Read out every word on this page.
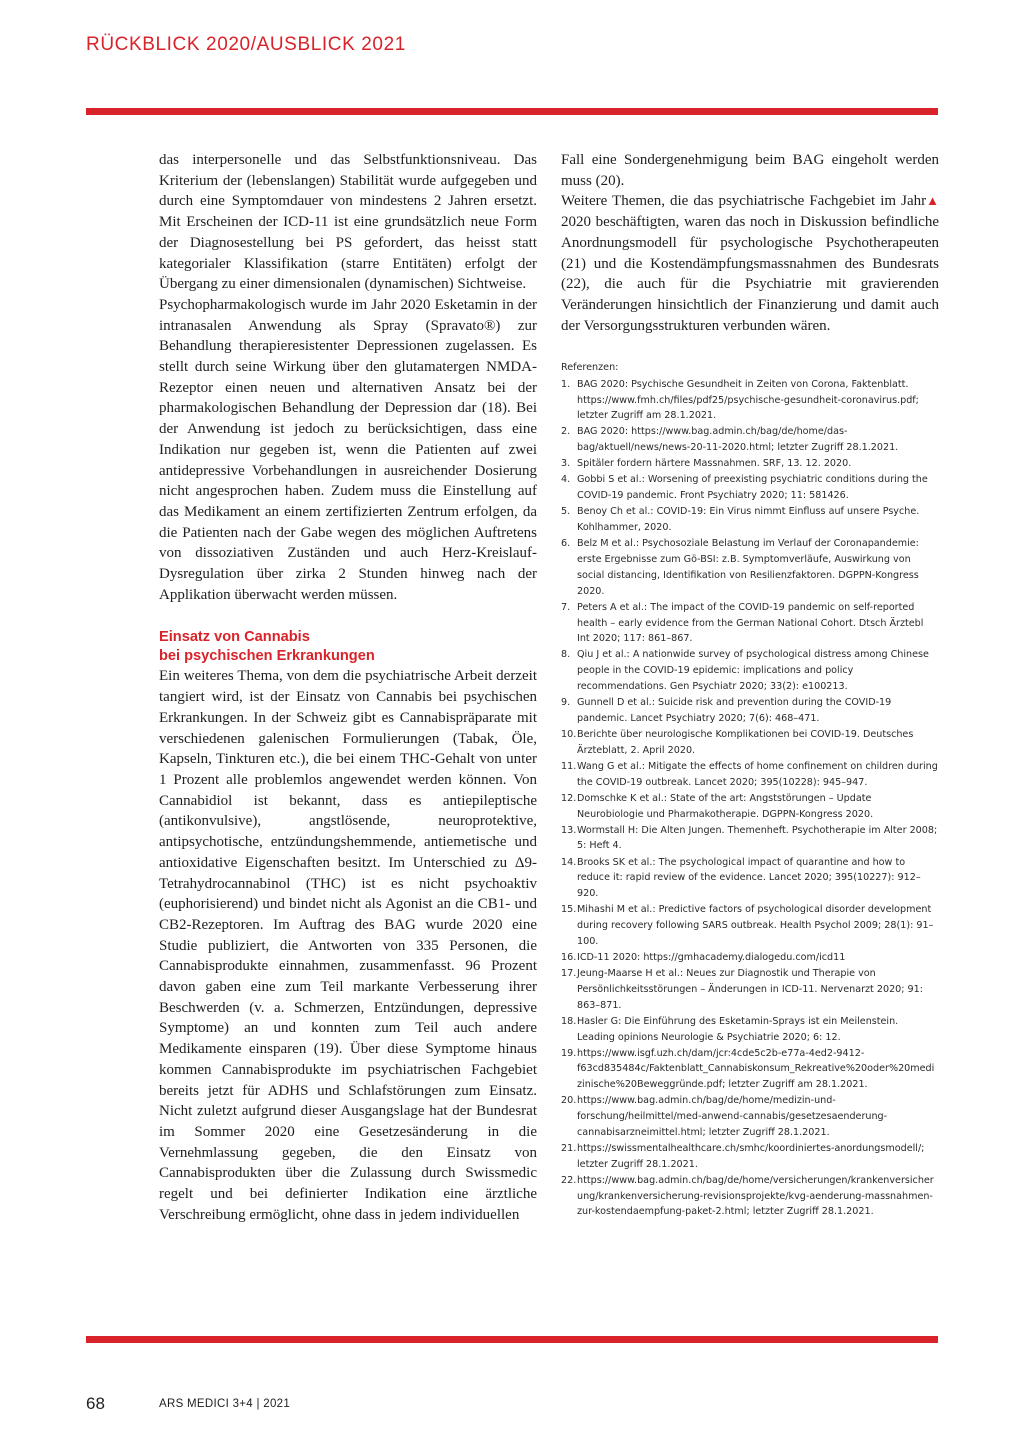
RÜCKBLICK 2020/AUSBLICK 2021

das interpersonelle und das Selbstfunktionsniveau. Das Kriterium der (lebenslangen) Stabilität wurde aufgegeben und durch eine Symptomdauer von mindestens 2 Jahren ersetzt. Mit Erscheinen der ICD-11 ist eine grundsätzlich neue Form der Diagnosestellung bei PS gefordert, das heisst statt kategorialer Klassifikation (starre Entitäten) erfolgt der Übergang zu einer dimensionalen (dynamischen) Sichtweise.

Psychopharmakologisch wurde im Jahr 2020 Esketamin in der intranasalen Anwendung als Spray (Spravato®) zur Behandlung therapieresistenter Depressionen zugelassen. Es stellt durch seine Wirkung über den glutamatergen NMDA-Rezeptor einen neuen und alternativen Ansatz bei der pharmakologischen Behandlung der Depression dar (18). Bei der Anwendung ist jedoch zu berücksichtigen, dass eine Indikation nur gegeben ist, wenn die Patienten auf zwei antidepressive Vorbehandlungen in ausreichender Dosierung nicht angesprochen haben. Zudem muss die Einstellung auf das Medikament an einem zertifizierten Zentrum erfolgen, da die Patienten nach der Gabe wegen des möglichen Auftretens von dissoziativen Zuständen und auch Herz-Kreislauf-Dysregulation über zirka 2 Stunden hinweg nach der Applikation überwacht werden müssen.

Einsatz von Cannabis
bei psychischen Erkrankungen

Ein weiteres Thema, von dem die psychiatrische Arbeit derzeit tangiert wird, ist der Einsatz von Cannabis bei psychischen Erkrankungen. In der Schweiz gibt es Cannabispräparate mit verschiedenen galenischen Formulierungen (Tabak, Öle, Kapseln, Tinkturen etc.), die bei einem THC-Gehalt von unter 1 Prozent alle problemlos angewendet werden können. Von Cannabidiol ist bekannt, dass es antiepileptische (antikonvulsive), angstlösende, neuroprotektive, antipsychotische, entzündungshemmende, antiemetische und antioxidative Eigenschaften besitzt. Im Unterschied zu Δ9-Tetrahydrocannabinol (THC) ist es nicht psychoaktiv (euphorisierend) und bindet nicht als Agonist an die CB1- und CB2-Rezeptoren. Im Auftrag des BAG wurde 2020 eine Studie publiziert, die Antworten von 335 Personen, die Cannabisprodukte einnahmen, zusammenfasst. 96 Prozent davon gaben eine zum Teil markante Verbesserung ihrer Beschwerden (v. a. Schmerzen, Entzündungen, depressive Symptome) an und konnten zum Teil auch andere Medikamente einsparen (19). Über diese Symptome hinaus kommen Cannabisprodukte im psychiatrischen Fachgebiet bereits jetzt für ADHS und Schlafstörungen zum Einsatz. Nicht zuletzt aufgrund dieser Ausgangslage hat der Bundesrat im Sommer 2020 eine Gesetzesänderung in die Vernehmlassung gegeben, die den Einsatz von Cannabisprodukten über die Zulassung durch Swissmedic regelt und bei definierter Indikation eine ärztliche Verschreibung ermöglicht, ohne dass in jedem individuellen

Fall eine Sondergenehmigung beim BAG eingeholt werden muss (20).

▲
Weitere Themen, die das psychiatrische Fachgebiet im Jahr 2020 beschäftigten, waren das noch in Diskussion befindliche Anordnungsmodell für psychologische Psychotherapeuten (21) und die Kostendämpfungsmassnahmen des Bundesrats (22), die auch für die Psychiatrie mit gravierenden Veränderungen hinsichtlich der Finanzierung und damit auch der Versorgungsstrukturen verbunden wären.

Referenzen:
1. BAG 2020: Psychische Gesundheit in Zeiten von Corona, Faktenblatt. https://www.fmh.ch/files/pdf25/psychische-gesundheit-coronavirus.pdf; letzter Zugriff am 28.1.2021.
2. BAG 2020: https://www.bag.admin.ch/bag/de/home/das-bag/aktuell/news/news-20-11-2020.html; letzter Zugriff 28.1.2021.
3. Spitäler fordern härtere Massnahmen. SRF, 13. 12. 2020.
4. Gobbi S et al.: Worsening of preexisting psychiatric conditions during the COVID-19 pandemic. Front Psychiatry 2020; 11: 581426.
5. Benoy Ch et al.: COVID-19: Ein Virus nimmt Einfluss auf unsere Psyche. Kohlhammer, 2020.
6. Belz M et al.: Psychosoziale Belastung im Verlauf der Coronapandemie: erste Ergebnisse zum Gö-BSI: z.B. Symptomverläufe, Auswirkung von social distancing, Identifikation von Resilienzfaktoren. DGPPN-Kongress 2020.
7. Peters A et al.: The impact of the COVID-19 pandemic on self-reported health – early evidence from the German National Cohort. Dtsch Ärztebl Int 2020; 117: 861–867.
8. Qiu J et al.: A nationwide survey of psychological distress among Chinese people in the COVID-19 epidemic: implications and policy recommendations. Gen Psychiatr 2020; 33(2): e100213.
9. Gunnell D et al.: Suicide risk and prevention during the COVID-19 pandemic. Lancet Psychiatry 2020; 7(6): 468–471.
10. Berichte über neurologische Komplikationen bei COVID-19. Deutsches Ärzteblatt, 2. April 2020.
11. Wang G et al.: Mitigate the effects of home confinement on children during the COVID-19 outbreak. Lancet 2020; 395(10228): 945–947.
12. Domschke K et al.: State of the art: Angststörungen – Update Neurobiologie und Pharmakotherapie. DGPPN-Kongress 2020.
13. Wormstall H: Die Alten Jungen. Themenheft. Psychotherapie im Alter 2008; 5: Heft 4.
14. Brooks SK et al.: The psychological impact of quarantine and how to reduce it: rapid review of the evidence. Lancet 2020; 395(10227): 912–920.
15. Mihashi M et al.: Predictive factors of psychological disorder development during recovery following SARS outbreak. Health Psychol 2009; 28(1): 91–100.
16. ICD-11 2020: https://gmhacademy.dialogedu.com/icd11
17. Jeung-Maarse H et al.: Neues zur Diagnostik und Therapie von Persönlichkeitsstörungen – Änderungen in ICD-11. Nervenarzt 2020; 91: 863–871.
18. Hasler G: Die Einführung des Esketamin-Sprays ist ein Meilenstein. Leading opinions Neurologie & Psychiatrie 2020; 6: 12.
19. https://www.isgf.uzh.ch/dam/jcr:4cde5c2b-e77a-4ed2-9412-f63cd835484c/Faktenblatt_Cannabiskonsum_Rekreative%20oder%20medizinische%20Beweggründe.pdf; letzter Zugriff am 28.1.2021.
20. https://www.bag.admin.ch/bag/de/home/medizin-und-forschung/heilmittel/med-anwend-cannabis/gesetzesaenderung-cannabisarzneimittel.html; letzter Zugriff 28.1.2021.
21. https://swissmentalhealthcare.ch/smhc/koordiniertes-anordungsmodell/; letzter Zugriff 28.1.2021.
22. https://www.bag.admin.ch/bag/de/home/versicherungen/krankenversicherung/krankenversicherung-revisionsprojekte/kvg-aenderung-massnahmen-zur-kostendaempfung-paket-2.html; letzter Zugriff 28.1.2021.
68	ARS MEDICI 3+4 | 2021
